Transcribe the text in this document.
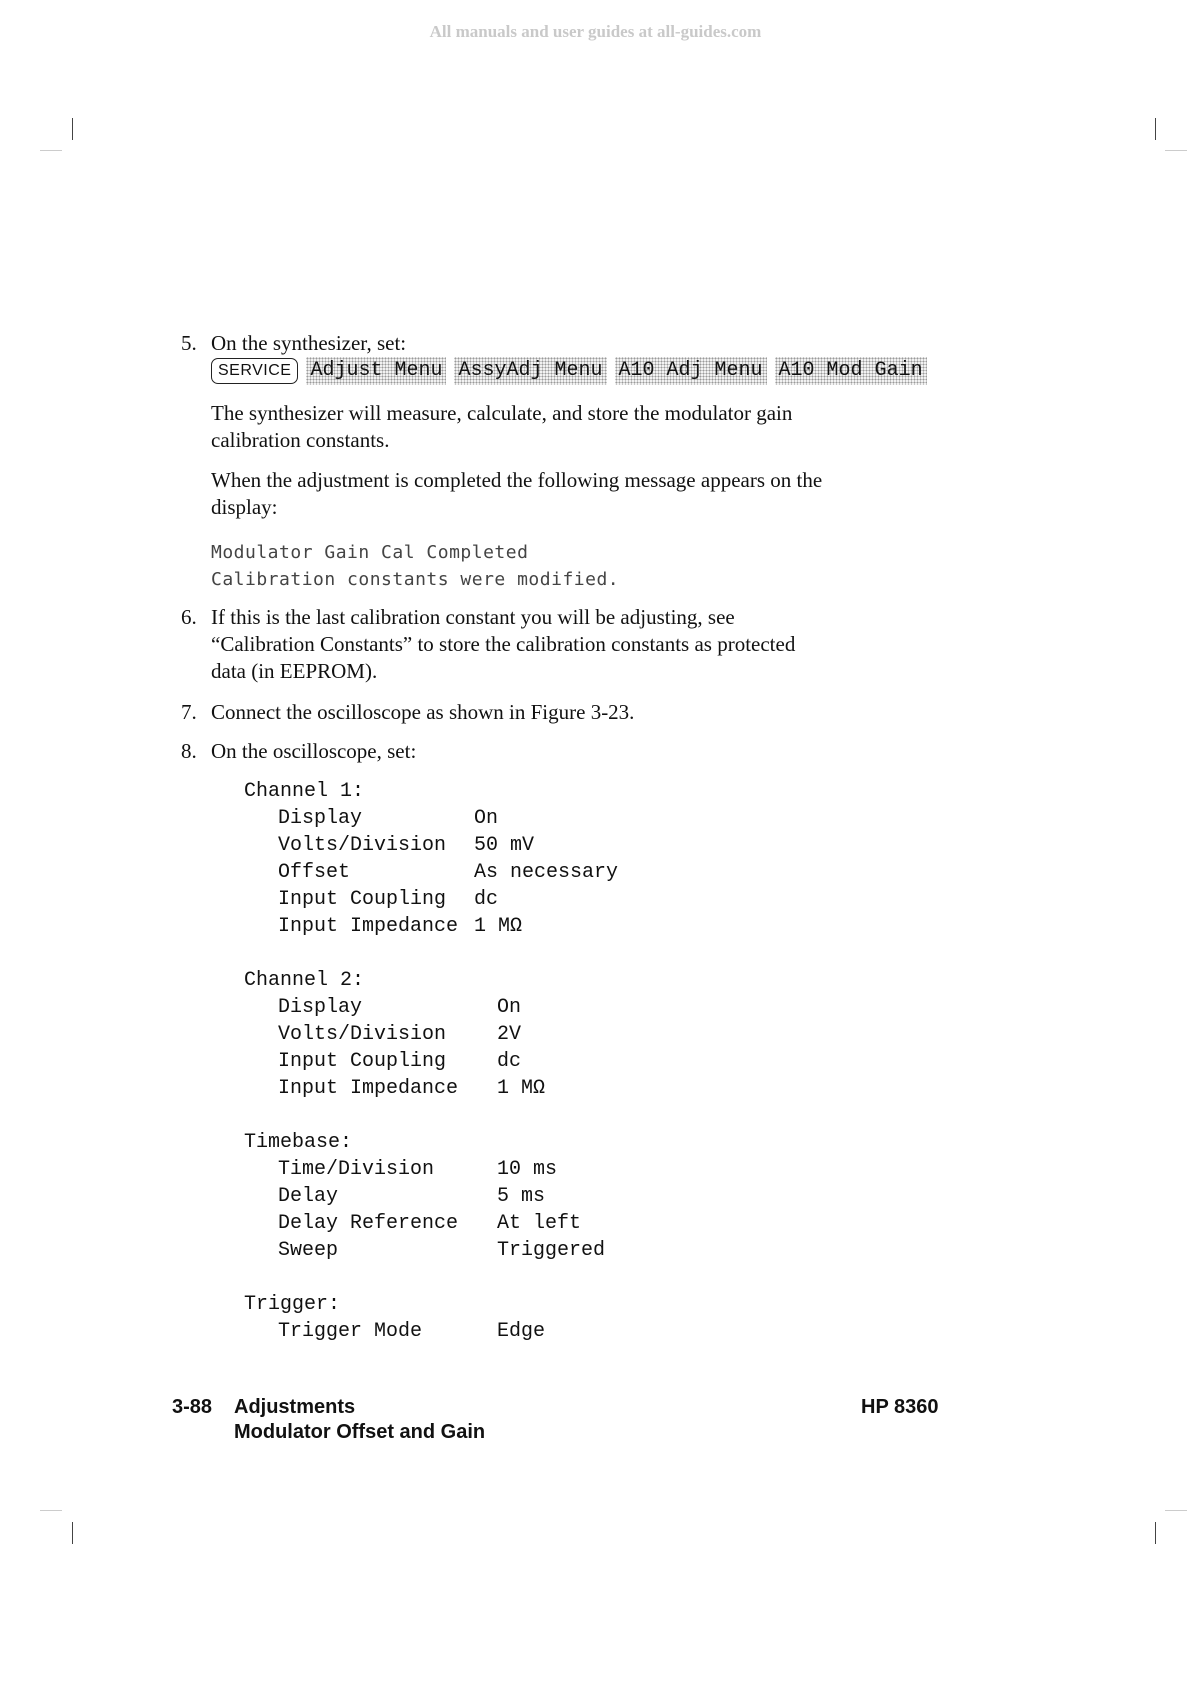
All manuals and user guides at all-guides.com
5. On the synthesizer, set:
SERVICE Adjust Menu AssyAdj Menu A10 Adj Menu A10 Mod Gain
The synthesizer will measure, calculate, and store the modulator gain
calibration constants.
When the adjustment is completed the following message appears on the
display:
Modulator Gain Cal Completed
Calibration constants were modified.
6. If this is the last calibration constant you will be adjusting, see
“Calibration Constants” to store the calibration constants as protected
data (in EEPROM).
7. Connect the oscilloscope as shown in Figure 3-23.
8. On the oscilloscope, set:
Channel 1:
Display	On
Volts/Division 50 mV
Offset	As necessary
Input Coupling dc
Input Impedance 1 MΩ
Channel 2:
Display	On
Volts/Division	2V
Input Coupling	dc
Input Impedance 1 MΩ
Timebase:
Time/Division	10 ms
Delay	5 ms
Delay Reference At left
Sweep	Triggered
Trigger:
Trigger Mode	Edge
3-88 Adjustments
Modulator Offset and Gain
HP 8360
